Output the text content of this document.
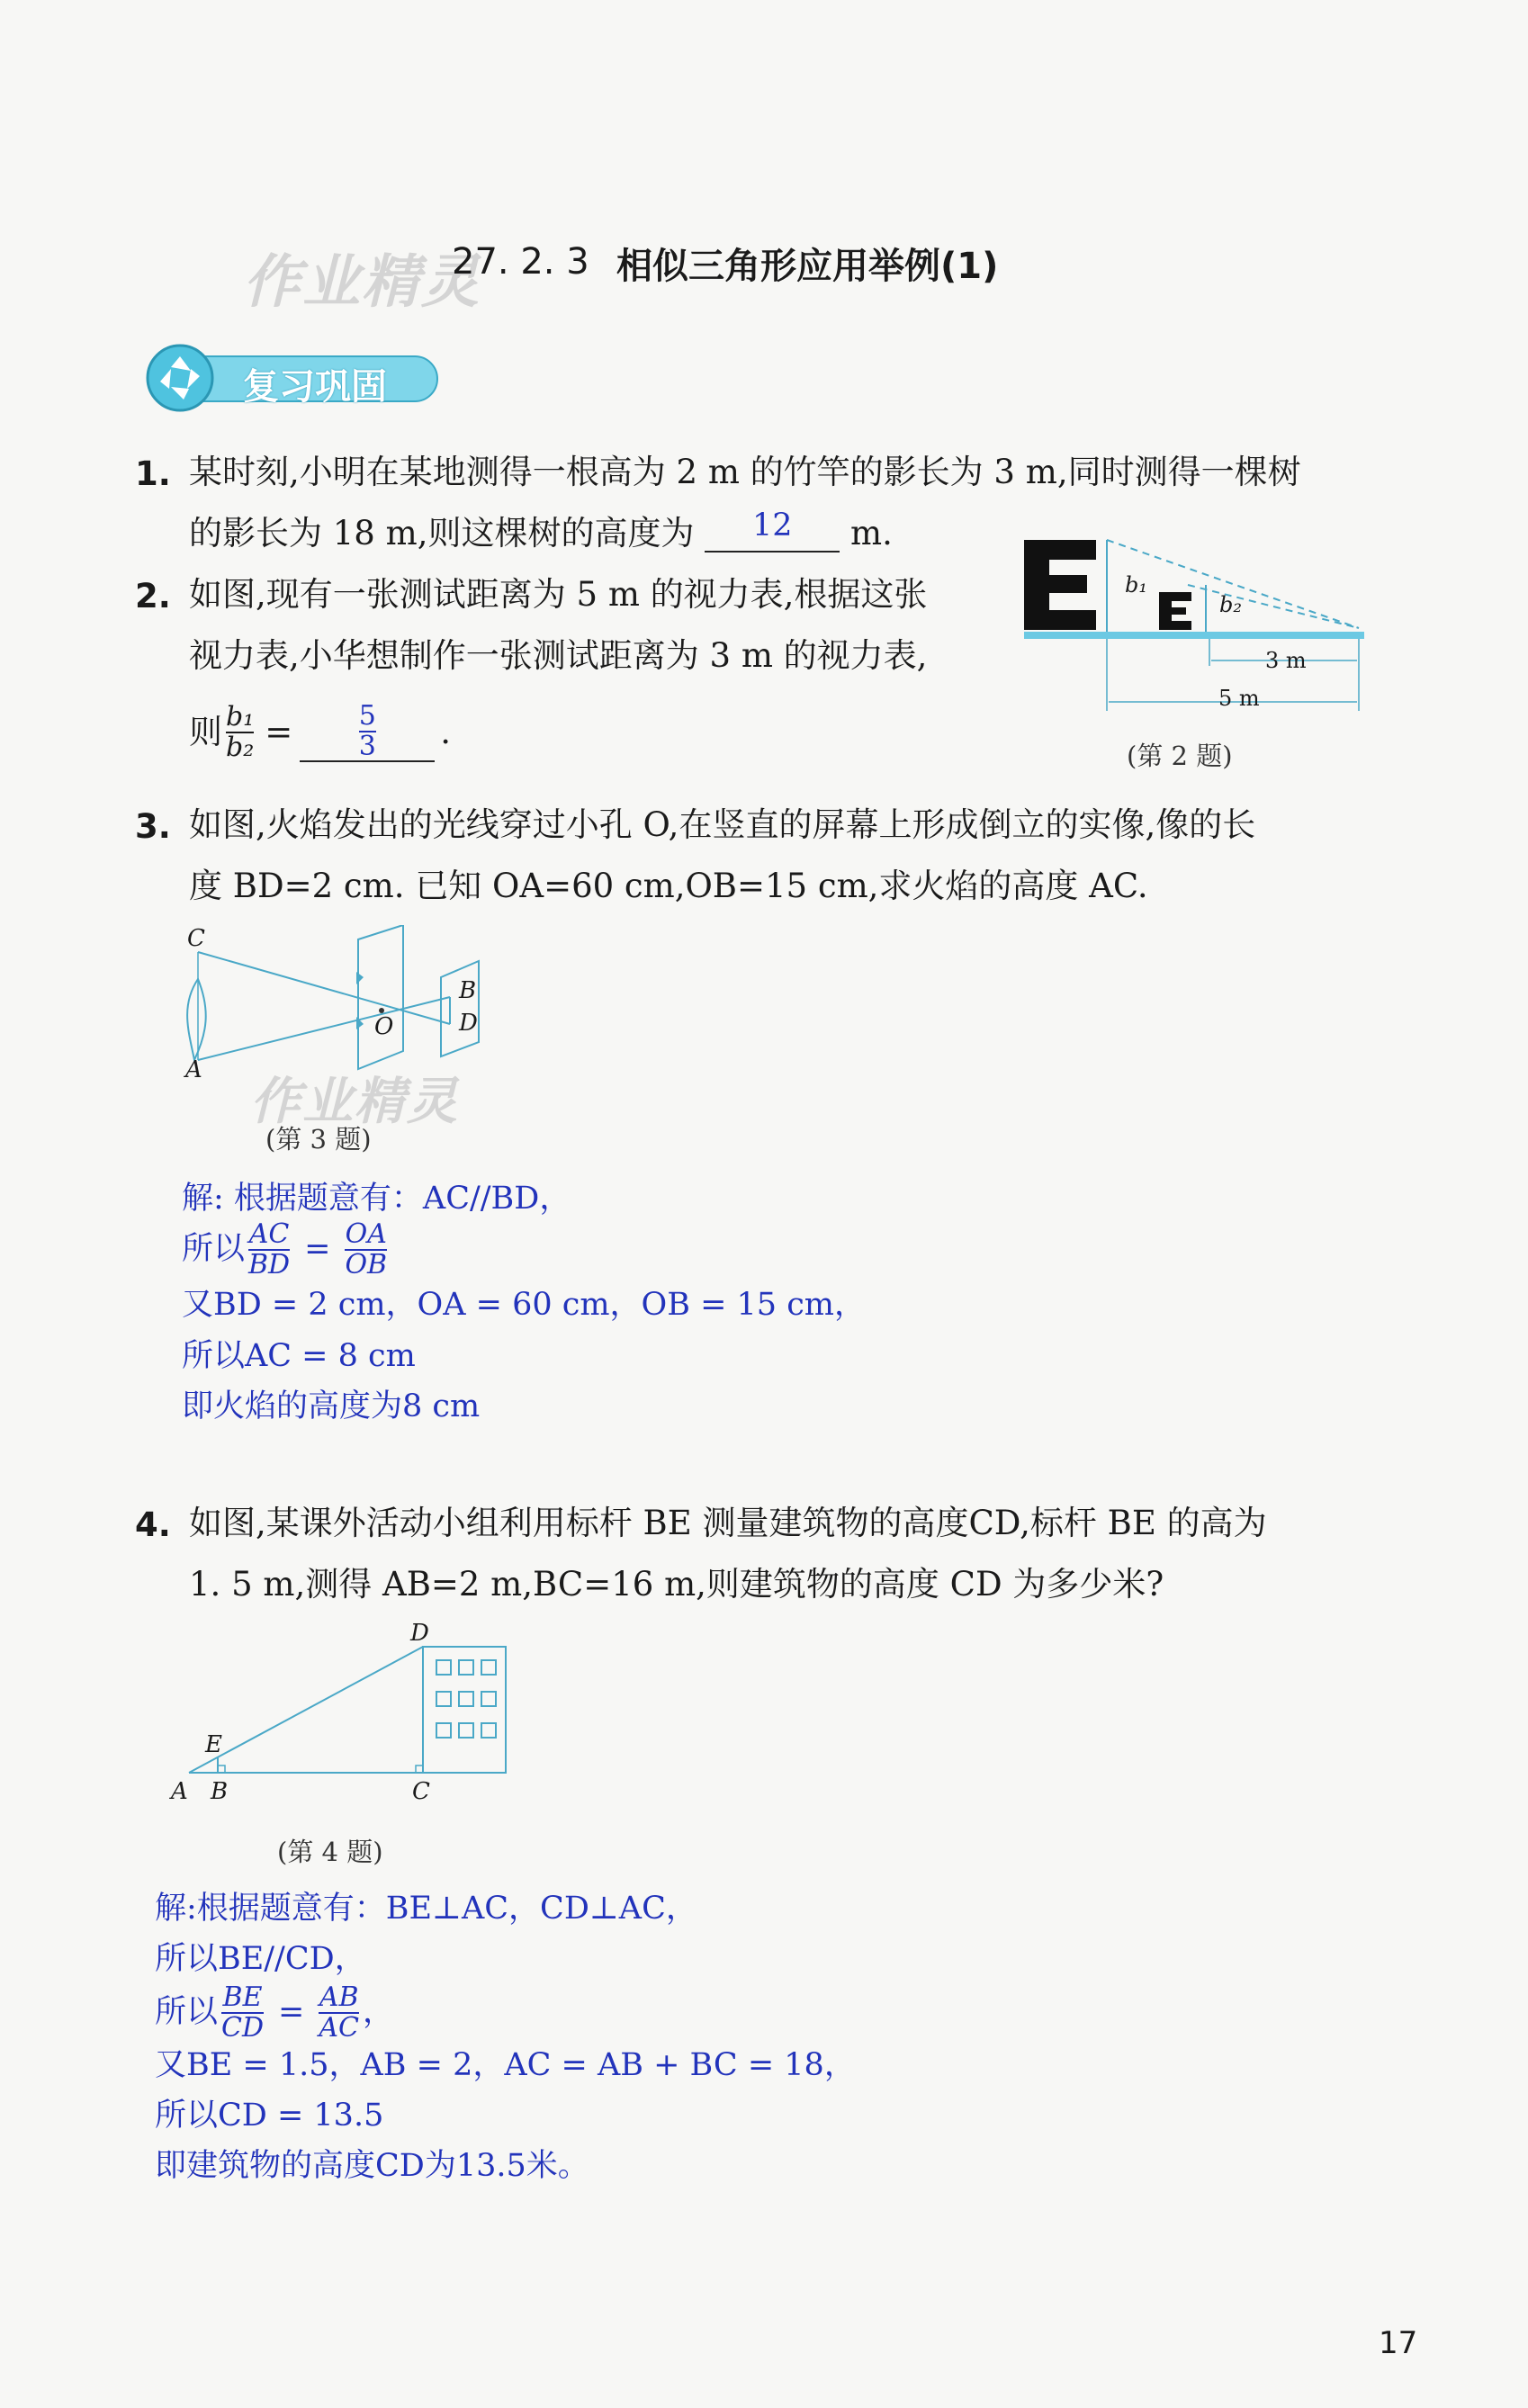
作业精灵
27. 2. 3 相似三角形应用举例(1)
复习巩固
1. 某时刻,小明在某地测得一根高为 2 m 的竹竿的影长为 3 m,同时测得一棵树
的影长为 18 m,则这棵树的高度为 12 m.
2. 如图,现有一张测试距离为 5 m 的视力表,根据这张
视力表,小华想制作一张测试距离为 3 m 的视力表,
则 $\frac{\text{b₁}}{\text{b₂}} = \frac{5}{3}$ .
b₁
b₂
3 m
5 m
(第 2 题)
3. 如图,火焰发出的光线穿过小孔 O,在竖直的屏幕上形成倒立的实像,像的长
度 BD=2 cm. 已知 OA=60 cm,OB=15 cm,求火焰的高度 AC.
C
A
O
B
D
作业精灵
(第 3 题)
解: 根据题意有：AC//BD，
所以 $\frac{AC}{BD} = \frac{OA}{OB}$
又BD = 2 cm，OA = 60 cm，OB = 15 cm，
所以AC = 8 cm
即火焰的高度为8 cm
4. 如图,某课外活动小组利用标杆 BE 测量建筑物的高度CD,标杆 BE 的高为
1. 5 m,测得 AB=2 m,BC=16 m,则建筑物的高度 CD 为多少米?
D
E
A B	C
(第 4 题)
解:根据题意有：BE⊥AC，CD⊥AC，
所以BE//CD，
所以 $\frac{BE}{CD} = \frac{AB}{AC}$ ，
又BE = 1.5，AB = 2，AC = AB + BC = 18，
所以CD = 13.5
即建筑物的高度CD为13.5米。
17
